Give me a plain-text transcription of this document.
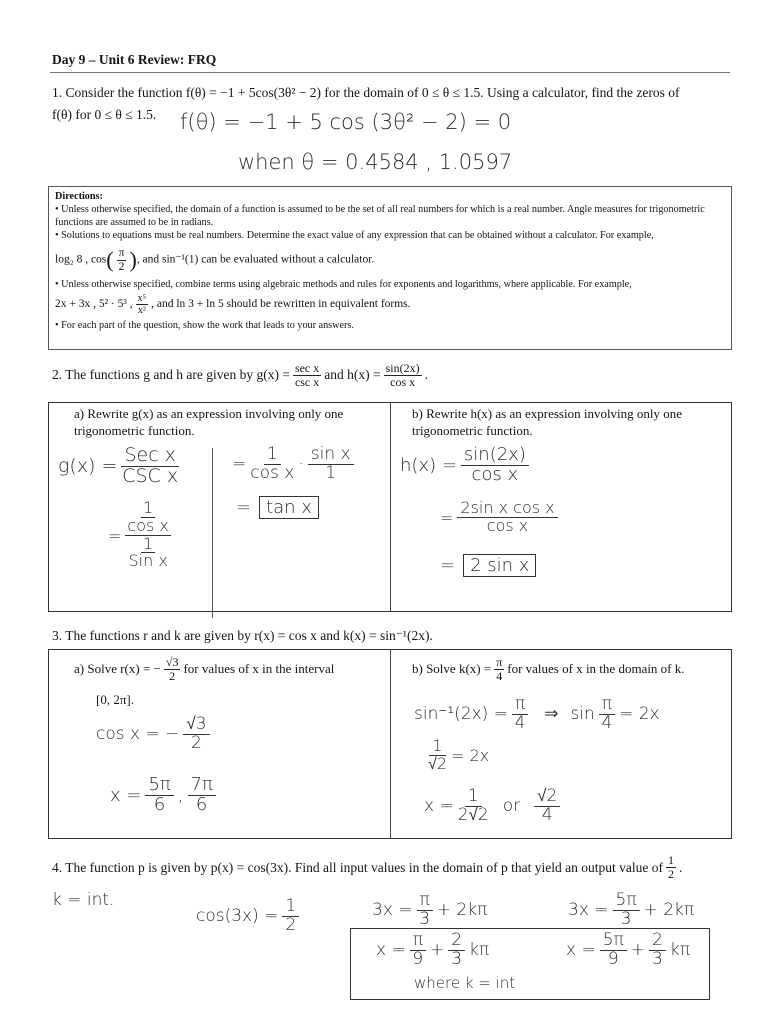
Day 9 – Unit 6 Review: FRQ
1. Consider the function f(θ) = −1 + 5cos(3θ² − 2) for the domain of 0 ≤ θ ≤ 1.5. Using a calculator, find the zeros of
f(θ) for 0 ≤ θ ≤ 1.5. f(θ) = −1 + 5 cos (3θ² − 2) = 0
when θ = 0.4584 , 1.0597
Directions:
• Unless otherwise specified, the domain of a function is assumed to be the set of all real numbers for which is a real number. Angle measures for trigonometric functions are assumed to be in radians.
• Solutions to equations must be real numbers. Determine the exact value of any expression that can be obtained without a calculator. For example,
log₂ 8 , $\cos( \frac{\pi}{2}$ ), and sin⁻¹(1) can be evaluated without a calculator.
• Unless otherwise specified, combine terms using algebraic methods and rules for exponents and logarithms, where applicable. For example,
2x + 3x , 5² · 5³ , $\frac{\text{x⁵}}{\text{x²}}$ , and ln 3 + ln 5 should be rewritten in equivalent forms.
• For each part of the question, show the work that leads to your answers.
2. The functions g and h are given by $g(x) = \frac{\text{sec x}}{\text{csc x}}$ and $h(x) = \frac{\sin(2x)}{\text{cos x}}$ .
a) Rewrite g(x) as an expression involving only one trigonometric function.
b) Rewrite h(x) as an expression involving only one trigonometric function.
g(x) =
Sec x
CSC x
= $\frac{1}{\text{cos x}} \cdot \frac{\text{sin x}}{1}$
=
1
cos x
1
Sin x
= tan x
$h(x) = \frac{\sin(2x)}{\text{cos x}}$
= $\frac{\text{2sin x cos x}}{\text{cos x}}$
= 2 sin x
3. The functions r and k are given by r(x) = cos x and k(x) = sin⁻¹(2x).
a) Solve r(x) = − $\frac{√3}{2}$ for values of x in the interval
[0, 2π].
b) Solve $k(x) = \frac{\pi}{4}$ for values of x in the domain of k.
cos x = − $\frac{√3}{2}$
$x = \frac{5\pi}{6}$ , $\frac{7\pi}{6}$
$\sin^{-1}(2x) = \frac{\pi}{4}$ ⇒ $\sin \frac{\pi}{4} = 2x$
$\frac{1}{√2} = 2x$
$x = \frac{1}{2√2}$ or
√2
4
4. The function p is given by p(x) = cos(3x). Find all input values in the domain of p that yield an output value of $\frac{1}{2}$ .
k = int.
$\cos(3x) = \frac{1}{2}$	$3x = \frac{\pi}{3} + 2k\pi$	$3x = \frac{5\pi}{3} + 2k\pi$
$x = \frac{\pi}{9} + \frac{2}{3}$ kπ	$x = \frac{5\pi}{9} + \frac{2}{3}$ kπ
where k = int
